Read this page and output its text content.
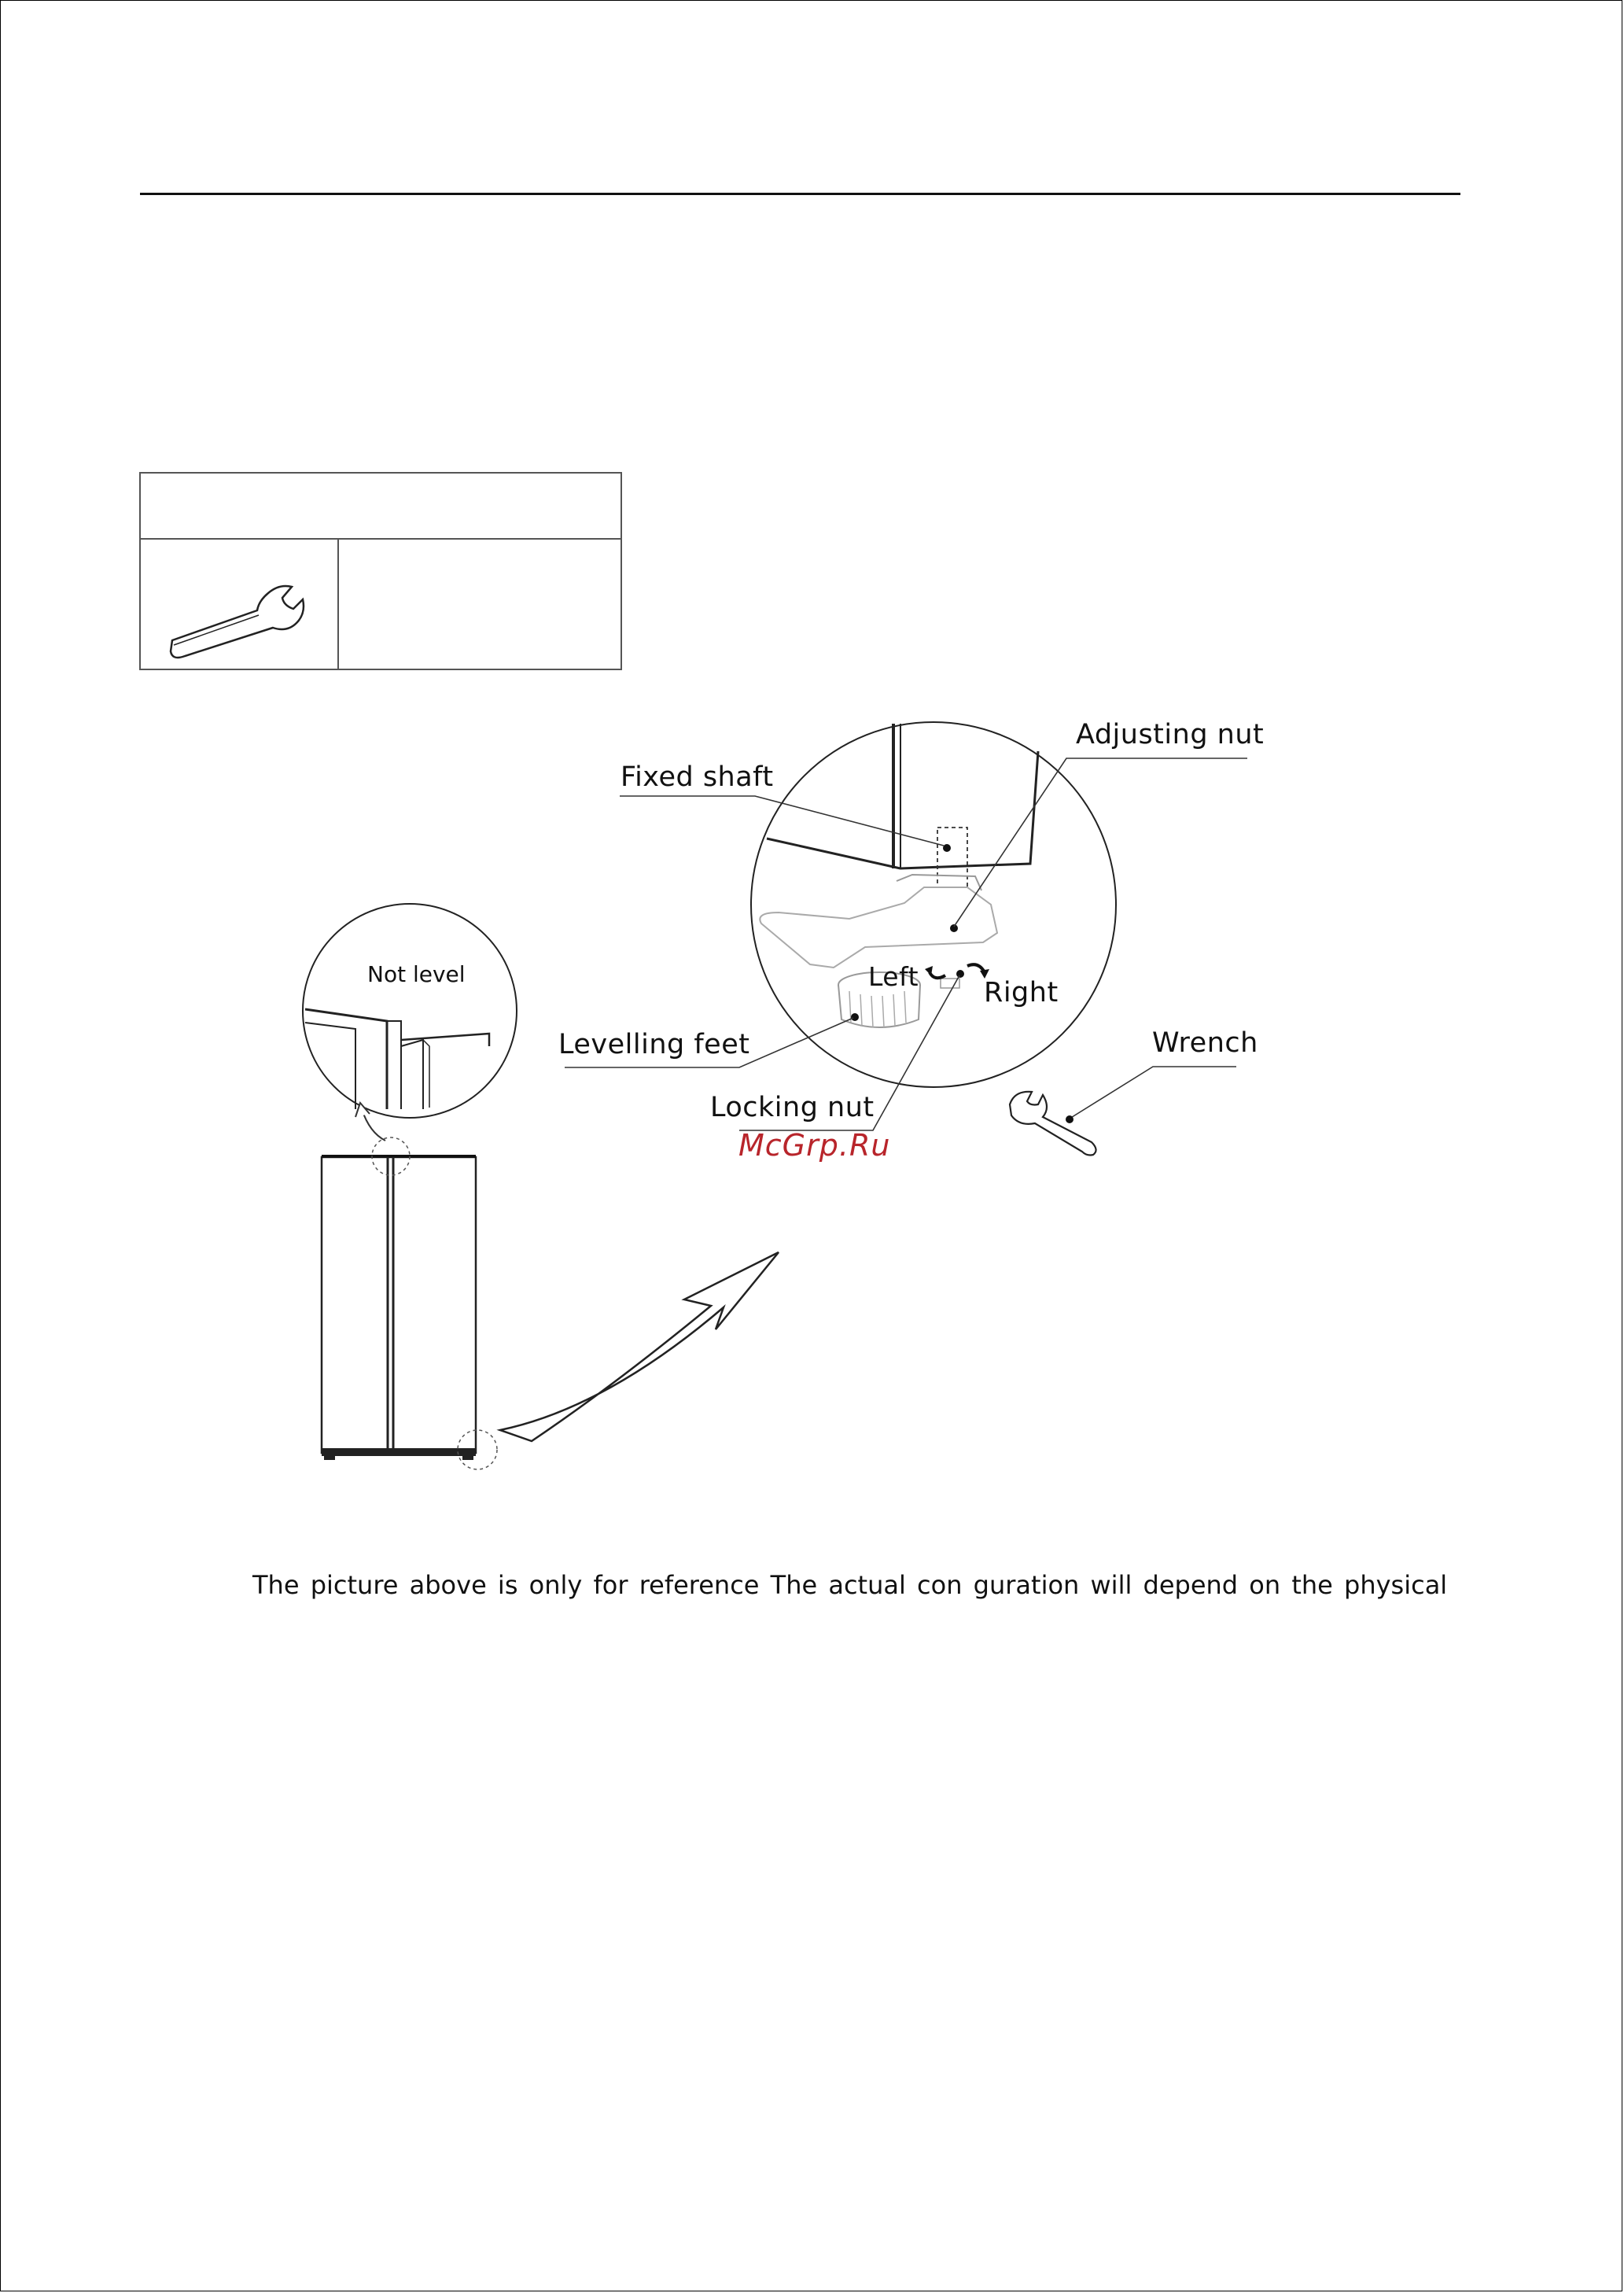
Not level
Fixed shaft
Adjusting nut
Levelling feet
Locking nut
Left
Right
Wrench
McGrp.Ru
The picture above is only for reference The actual con guration will depend on the physical
